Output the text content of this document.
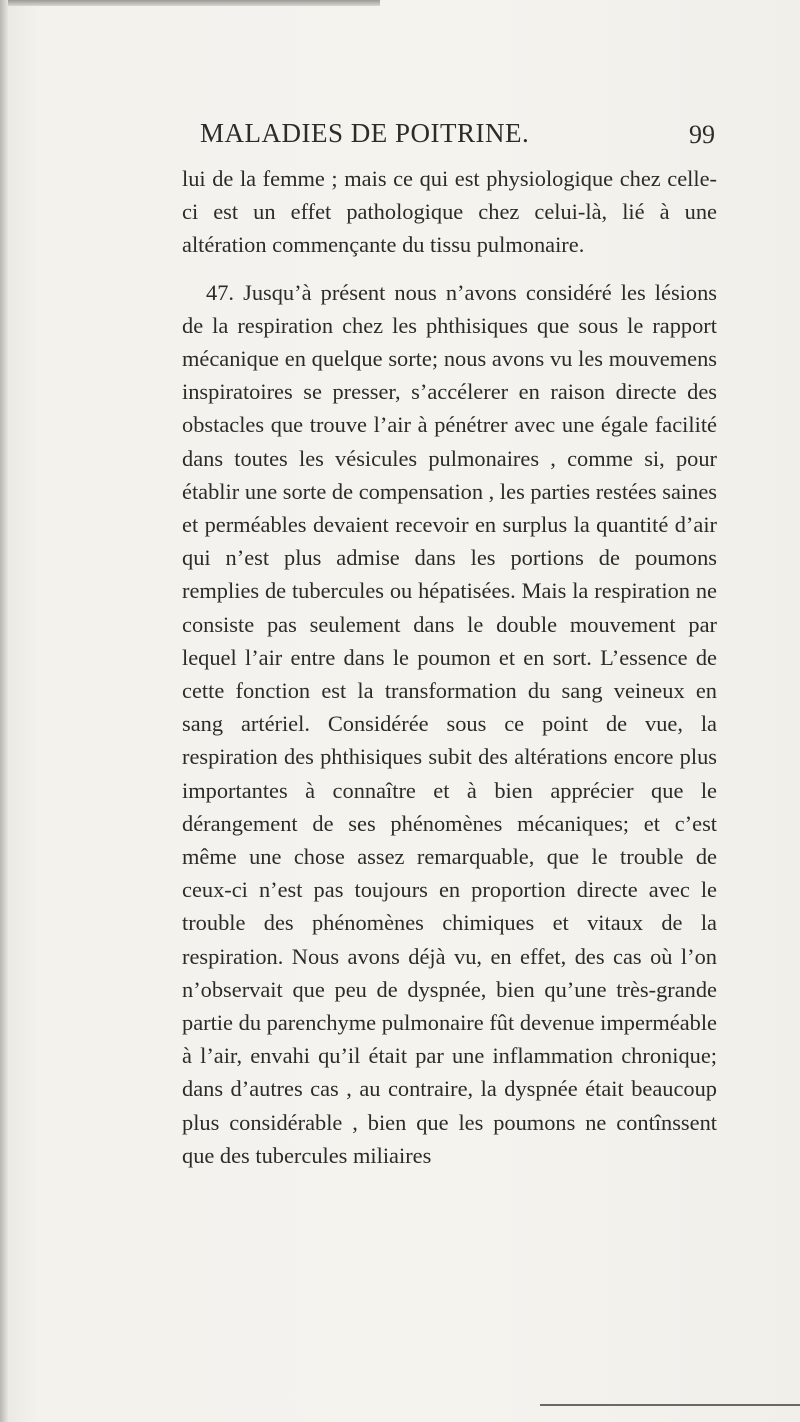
MALADIES DE POITRINE.	99

lui de la femme ; mais ce qui est physiologique chez celle-ci est un effet pathologique chez celui-là, lié à une altération commençante du tissu pulmonaire.

47. Jusqu’à présent nous n’avons considéré les lésions de la respiration chez les phthisiques que sous le rapport mécanique en quelque sorte; nous avons vu les mouvemens inspiratoires se presser, s’accélerer en raison directe des obstacles que trouve l’air à pénétrer avec une égale facilité dans toutes les vésicules pulmonaires , comme si, pour établir une sorte de compensation , les parties restées saines et perméables devaient recevoir en surplus la quantité d’air qui n’est plus admise dans les portions de poumons remplies de tubercules ou hépatisées. Mais la respiration ne consiste pas seulement dans le double mouvement par lequel l’air entre dans le poumon et en sort. L’essence de cette fonction est la transformation du sang veineux en sang artériel. Considérée sous ce point de vue, la respiration des phthisiques subit des altérations encore plus importantes à connaître et à bien apprécier que le dérangement de ses phénomènes mécaniques; et c’est même une chose assez remarquable, que le trouble de ceux-ci n’est pas toujours en proportion directe avec le trouble des phénomènes chimiques et vitaux de la respiration. Nous avons déjà vu, en effet, des cas où l’on n’observait que peu de dyspnée, bien qu’une très-grande partie du parenchyme pulmonaire fût devenue imperméable à l’air, envahi qu’il était par une inflammation chronique; dans d’autres cas , au contraire, la dyspnée était beaucoup plus considérable , bien que les poumons ne contînssent que des tubercules miliaires
